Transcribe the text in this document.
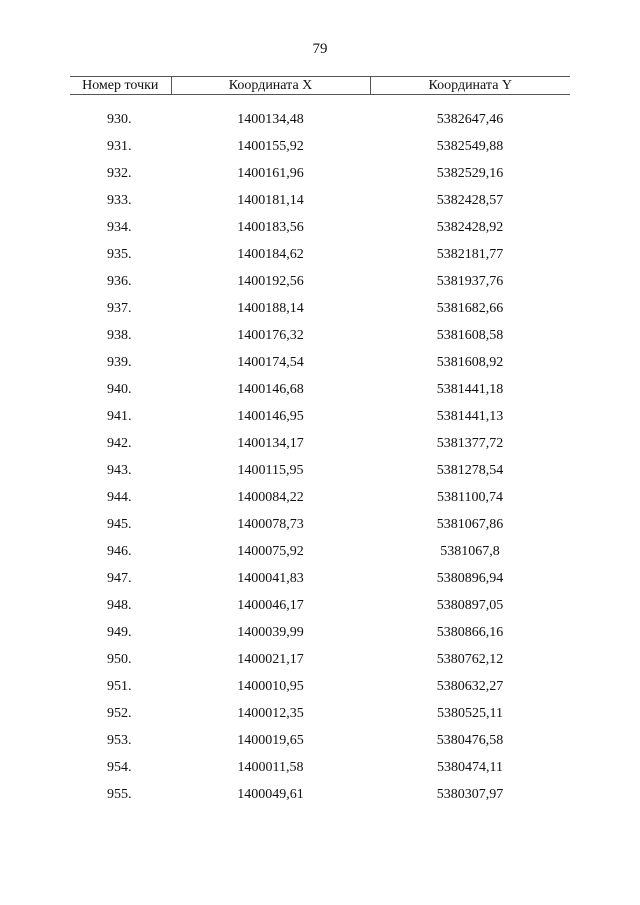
79
Номер точки	Координата X	Координата Y

930.	1400134,48	5382647,46
931.	1400155,92	5382549,88
932.	1400161,96	5382529,16
933.	1400181,14	5382428,57
934.	1400183,56	5382428,92
935.	1400184,62	5382181,77
936.	1400192,56	5381937,76
937.	1400188,14	5381682,66
938.	1400176,32	5381608,58
939.	1400174,54	5381608,92
940.	1400146,68	5381441,18
941.	1400146,95	5381441,13
942.	1400134,17	5381377,72
943.	1400115,95	5381278,54
944.	1400084,22	5381100,74
945.	1400078,73	5381067,86
946.	1400075,92	5381067,8
947.	1400041,83	5380896,94
948.	1400046,17	5380897,05
949.	1400039,99	5380866,16
950.	1400021,17	5380762,12
951.	1400010,95	5380632,27
952.	1400012,35	5380525,11
953.	1400019,65	5380476,58
954.	1400011,58	5380474,11
955.	1400049,61	5380307,97
